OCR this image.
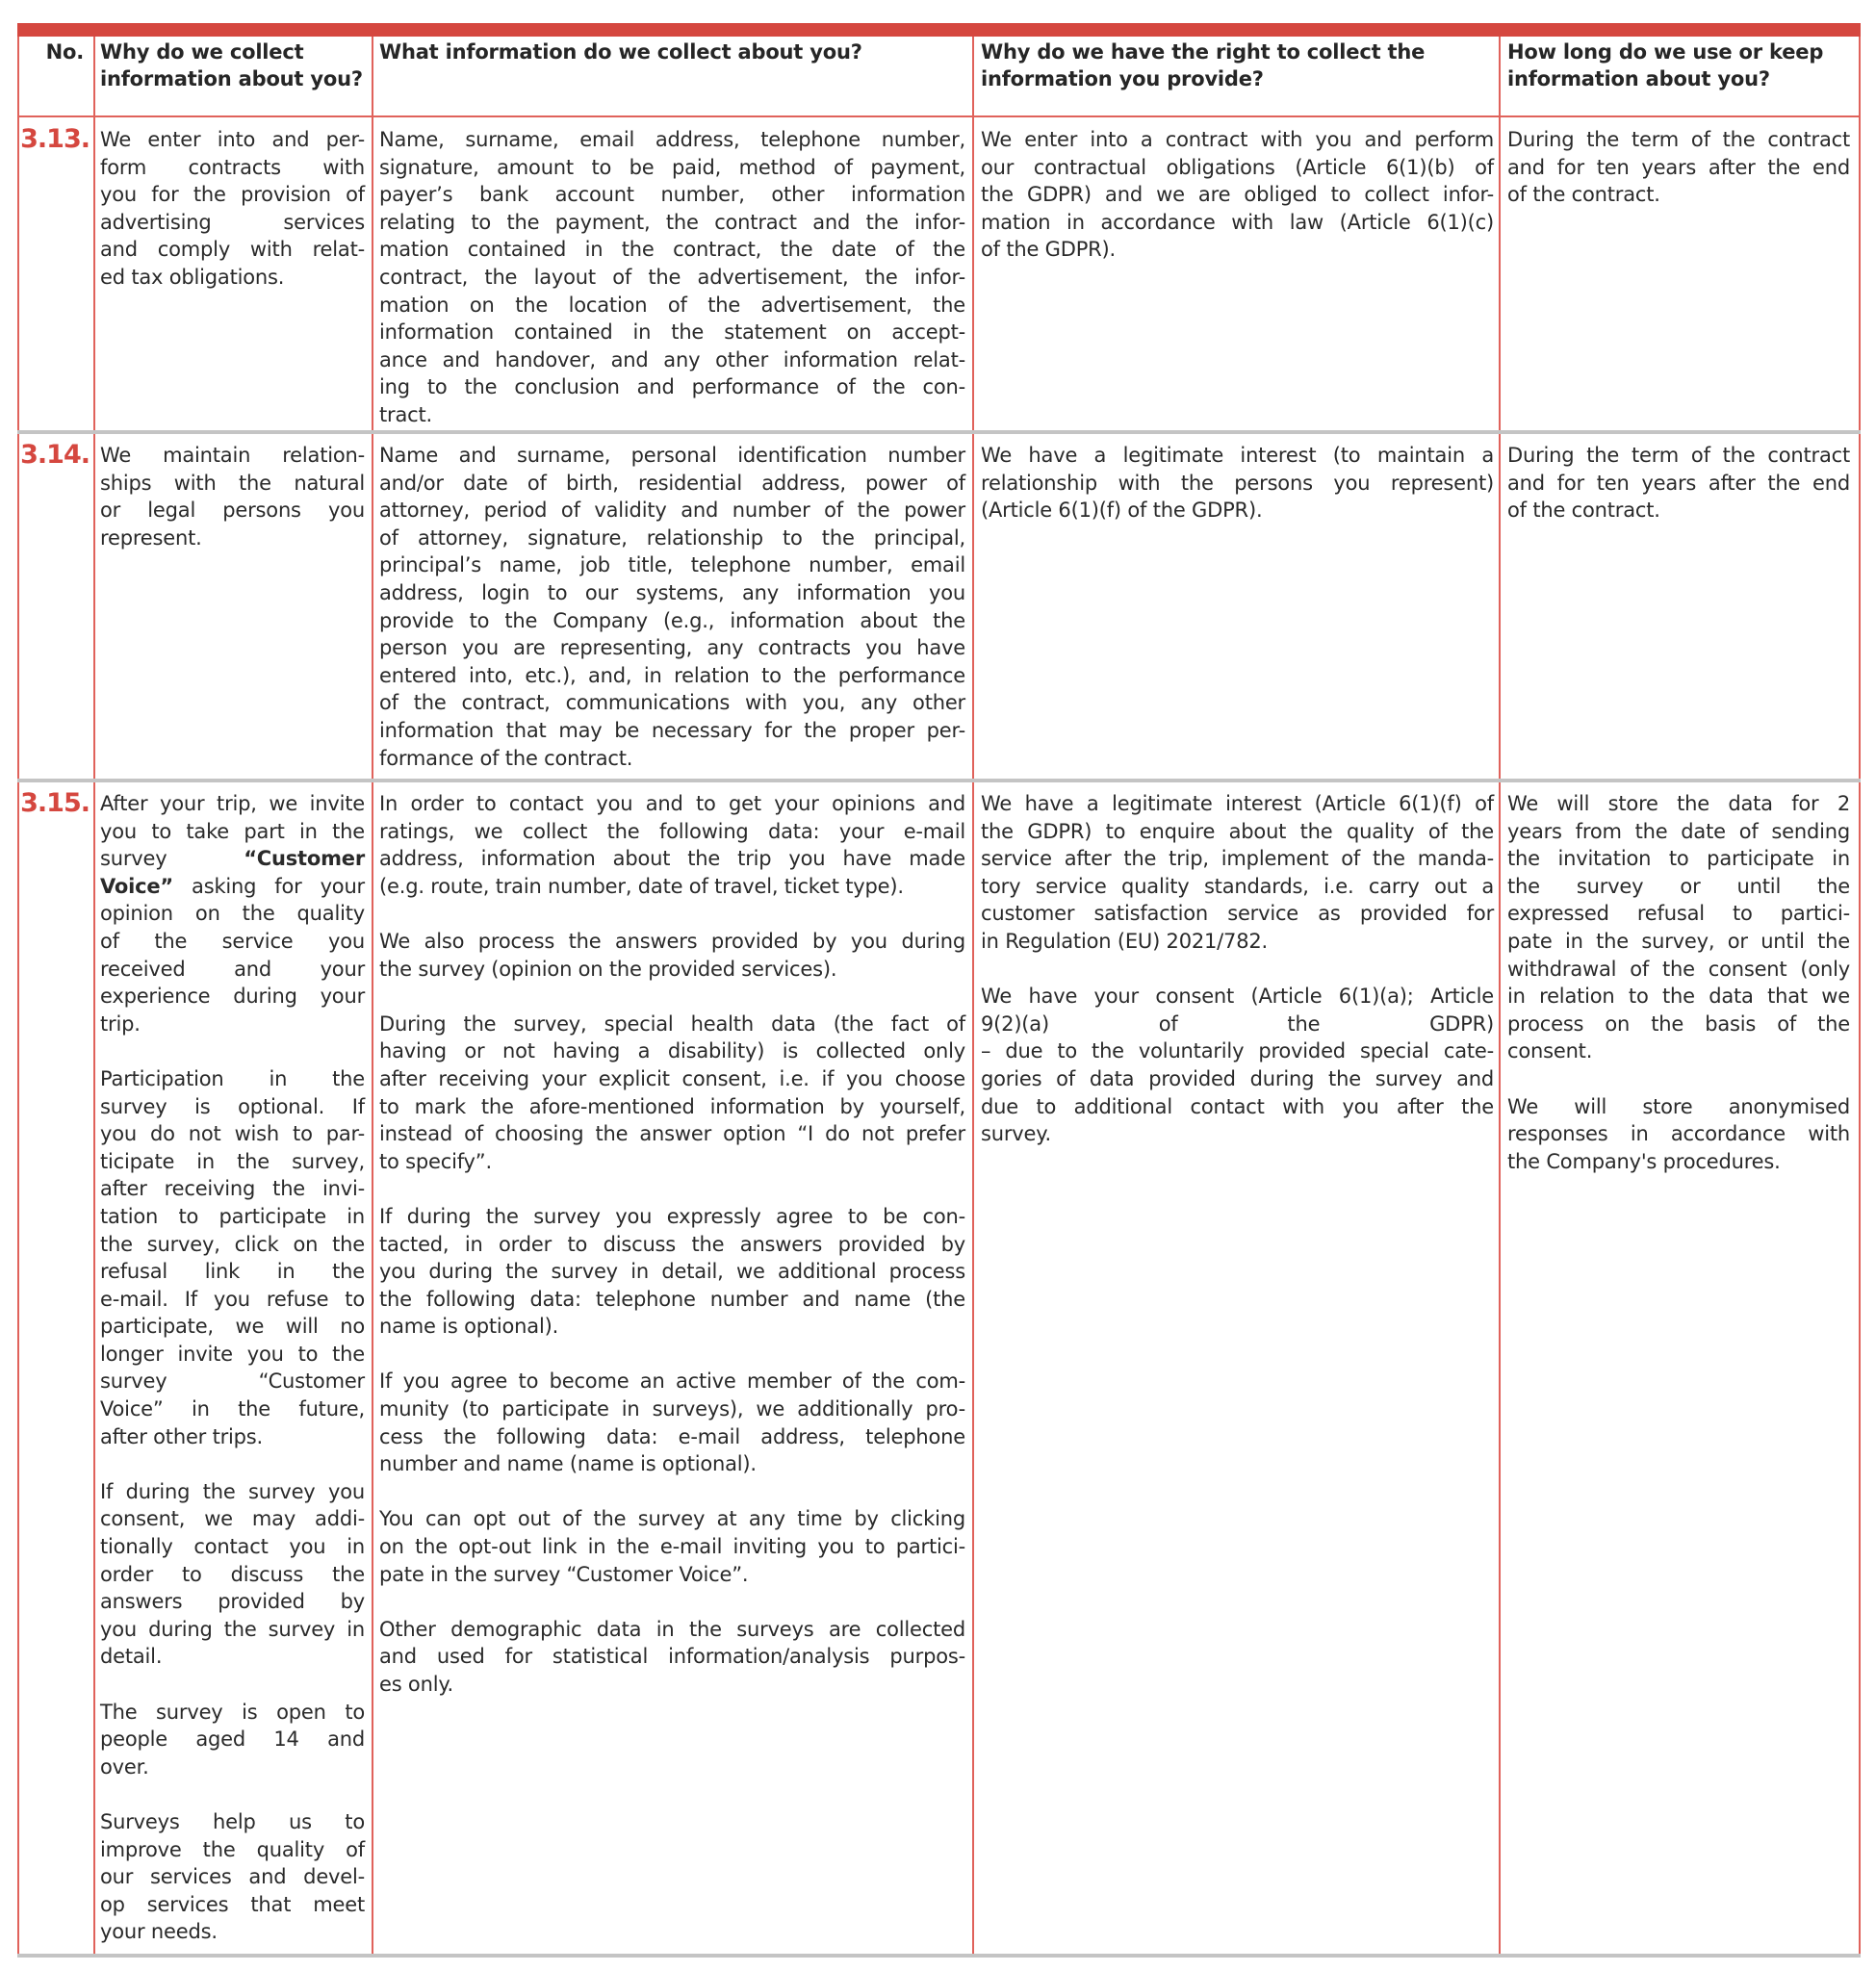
No. Why do we collect
information about you?
What information do we collect about you?	Why do we have the right to collect the
information you provide?
How long do we use or keep
information about you?
3.13. We enter into and per-
form contracts with
you for the provision of
advertising services
and comply with relat-
ed tax obligations.
Name, surname, email address, telephone number,
signature, amount to be paid, method of payment,
payer’s bank account number, other information
relating to the payment, the contract and the infor-
mation contained in the contract, the date of the
contract, the layout of the advertisement, the infor-
mation on the location of the advertisement, the
information contained in the statement on accept-
ance and handover, and any other information relat-
ing to the conclusion and performance of the con-
tract.
We enter into a contract with you and perform
our contractual obligations (Article 6(1)(b) of
the GDPR) and we are obliged to collect infor-
mation in accordance with law (Article 6(1)(c)
of the GDPR).
During the term of the contract
and for ten years after the end
of the contract.
3.14. We maintain relation-
ships with the natural
or legal persons you
represent.
Name and surname, personal identification number
and/or date of birth, residential address, power of
attorney, period of validity and number of the power
of attorney, signature, relationship to the principal,
principal’s name, job title, telephone number, email
address, login to our systems, any information you
provide to the Company (e.g., information about the
person you are representing, any contracts you have
entered into, etc.), and, in relation to the performance
of the contract, communications with you, any other
information that may be necessary for the proper per-
formance of the contract.
We have a legitimate interest (to maintain a
relationship with the persons you represent)
(Article 6(1)(f) of the GDPR).
During the term of the contract
and for ten years after the end
of the contract.
3.15. After your trip, we invite
you to take part in the
survey “Customer
Voice” asking for your
opinion on the quality
of the service you
received and your
experience during your
trip.
Participation in the
survey is optional. If
you do not wish to par-
ticipate in the survey,
after receiving the invi-
tation to participate in
the survey, click on the
refusal link in the
e-mail. If you refuse to
participate, we will no
longer invite you to the
survey “Customer
Voice” in the future,
after other trips.
If during the survey you
consent, we may addi-
tionally contact you in
order to discuss the
answers provided by
you during the survey in
detail.
The survey is open to
people aged 14 and
over.
Surveys help us to
improve the quality of
our services and devel-
op services that meet
your needs.
In order to contact you and to get your opinions and
ratings, we collect the following data: your e-mail
address, information about the trip you have made
(e.g. route, train number, date of travel, ticket type).
We also process the answers provided by you during
the survey (opinion on the provided services).
During the survey, special health data (the fact of
having or not having a disability) is collected only
after receiving your explicit consent, i.e. if you choose
to mark the afore-mentioned information by yourself,
instead of choosing the answer option “I do not prefer
to specify”.
If during the survey you expressly agree to be con-
tacted, in order to discuss the answers provided by
you during the survey in detail, we additional process
the following data: telephone number and name (the
name is optional).
If you agree to become an active member of the com-
munity (to participate in surveys), we additionally pro-
cess the following data: e-mail address, telephone
number and name (name is optional).
You can opt out of the survey at any time by clicking
on the opt-out link in the e-mail inviting you to partici-
pate in the survey “Customer Voice”.
Other demographic data in the surveys are collected
and used for statistical information/analysis purpos-
es only.
We have a legitimate interest (Article 6(1)(f) of
the GDPR) to enquire about the quality of the
service after the trip, implement of the manda-
tory service quality standards, i.e. carry out a
customer satisfaction service as provided for
in Regulation (EU) 2021/782.
We have your consent (Article 6(1)(a); Article
9(2)(a) of the GDPR)
– due to the voluntarily provided special cate-
gories of data provided during the survey and
due to additional contact with you after the
survey.
We will store the data for 2
years from the date of sending
the invitation to participate in
the survey or until the
expressed refusal to partici-
pate in the survey, or until the
withdrawal of the consent (only
in relation to the data that we
process on the basis of the
consent.
We will store anonymised
responses in accordance with
the Company's procedures.
